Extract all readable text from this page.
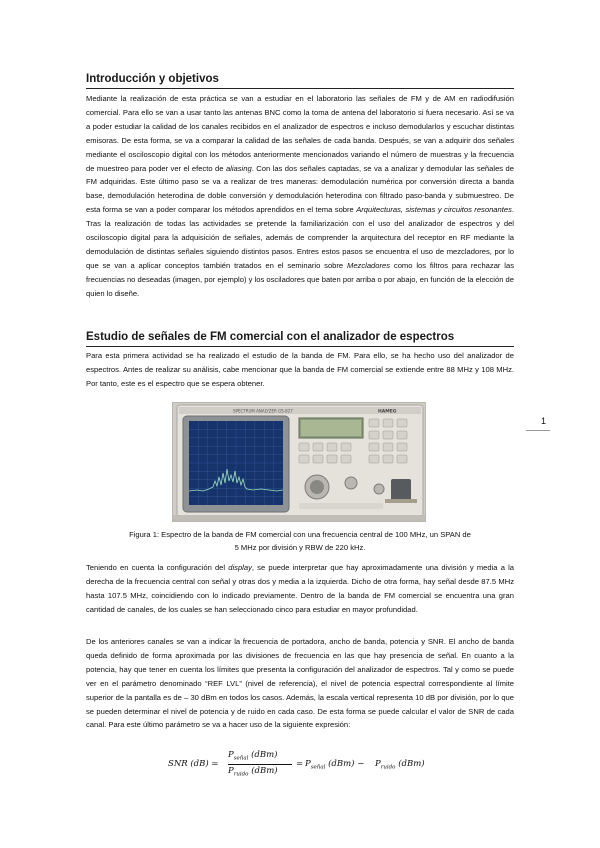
Introducción y objetivos

Mediante la realización de esta práctica se van a estudiar en el laboratorio las señales de FM y de AM en radiodifusión comercial. Para ello se van a usar tanto las antenas BNC como la toma de antena del laboratorio si fuera necesario. Así se va a poder estudiar la calidad de los canales recibidos en el analizador de espectros e incluso demodularlos y escuchar distintas emisoras. De esta forma, se va a comparar la calidad de las señales de cada banda. Después, se van a adquirir dos señales mediante el osciloscopio digital con los métodos anteriormente mencionados variando el número de muestras y la frecuencia de muestreo para poder ver el efecto de aliasing. Con las dos señales captadas, se va a analizar y demodular las señales de FM adquiridas. Este último paso se va a realizar de tres maneras: demodulación numérica por conversión directa a banda base, demodulación heterodina de doble conversión y demodulación heterodina con filtrado paso-banda y submuestreo. De esta forma se van a poder comparar los métodos aprendidos en el tema sobre Arquitecturas, sistemas y circuitos resonantes. Tras la realización de todas las actividades se pretende la familiarización con el uso del analizador de espectros y del osciloscopio digital para la adquisición de señales, además de comprender la arquitectura del receptor en RF mediante la demodulación de distintas señales siguiendo distintos pasos. Entres estos pasos se encuentra el uso de mezcladores, por lo que se van a aplicar conceptos también tratados en el seminario sobre Mezcladores como los filtros para rechazar las frecuencias no deseadas (imagen, por ejemplo) y los osciladores que baten por arriba o por abajo, en función de la elección de quien lo diseñe.

Estudio de señales de FM comercial con el analizador de espectros

Para esta primera actividad se ha realizado el estudio de la banda de FM. Para ello, se ha hecho uso del analizador de espectros. Antes de realizar su análisis, cabe mencionar que la banda de FM comercial se extiende entre 88 MHz y 108 MHz. Por tanto, este es el espectro que se espera obtener.

1
SPECTRUM ANALYZER GS-827	HAMEG

Figura 1: Espectro de la banda de FM comercial con una frecuencia central de 100 MHz, un SPAN de
5 MHz por división y RBW de 220 kHz.

Teniendo en cuenta la configuración del display, se puede interpretar que hay aproximadamente una división y media a la derecha de la frecuencia central con señal y otras dos y media a la izquierda. Dicho de otra forma, hay señal desde 87.5 MHz hasta 107.5 MHz, coincidiendo con lo indicado previamente. Dentro de la banda de FM comercial se encuentra una gran cantidad de canales, de los cuales se han seleccionado cinco para estudiar en mayor profundidad.

De los anteriores canales se van a indicar la frecuencia de portadora, ancho de banda, potencia y SNR. El ancho de banda queda definido de forma aproximada por las divisiones de frecuencia en las que hay presencia de señal. En cuanto a la potencia, hay que tener en cuenta los límites que presenta la configuración del analizador de espectros. Tal y como se puede ver en el parámetro denominado “REF LVL” (nivel de referencia), el nivel de potencia espectral correspondiente al límite superior de la pantalla es de – 30 dBm en todos los casos. Además, la escala vertical representa 10 dB por división, por lo que se pueden determinar el nivel de potencia y de ruido en cada caso. De esta forma se puede calcular el valor de SNR de cada canal. Para este último parámetro se va a hacer uso de la siguiente expresión:

SNR (dB) =
$P_{señal}$ (dBm)
$P_{ruido}$ (dBm)
= $P_{señal}$ $(dBm) - P_{ruido}$ (dBm)
